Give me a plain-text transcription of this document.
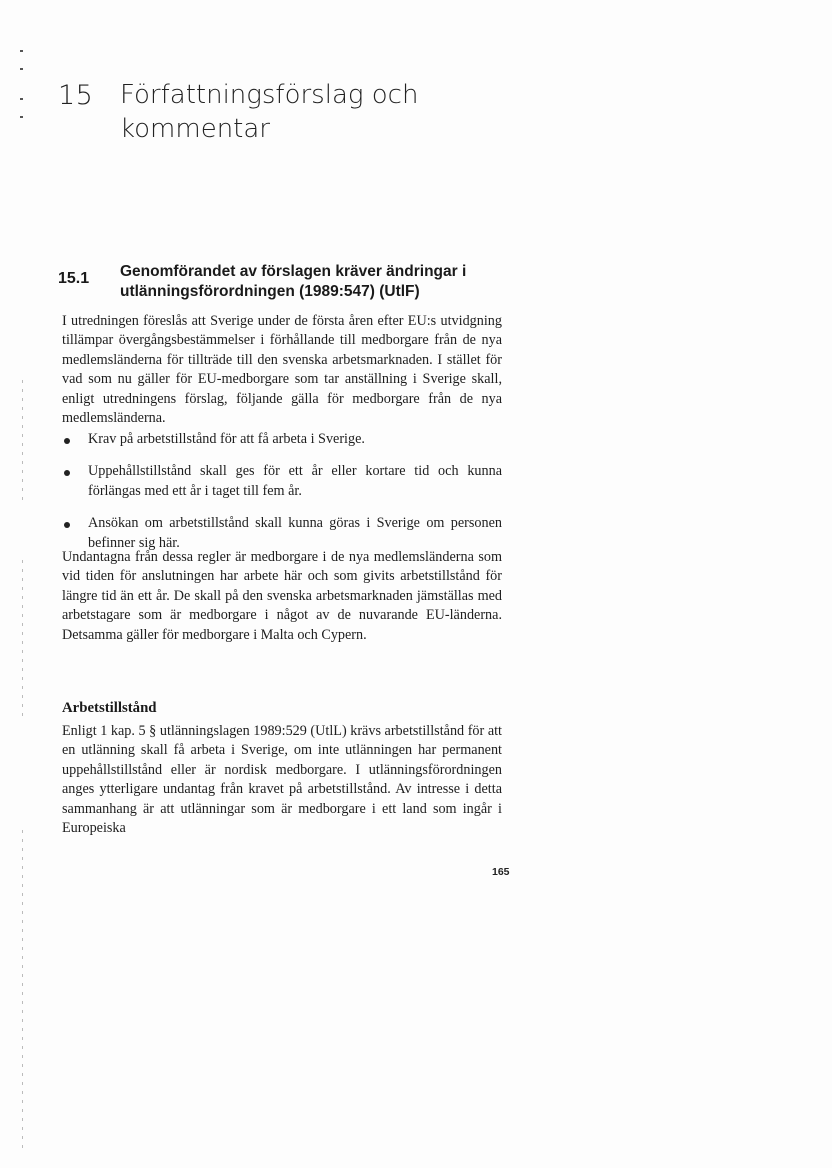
15 Författningsförslag och kommentar
15.1	Genomförandet av förslagen kräver ändringar i utlänningsförordningen (1989:547) (UtlF)

I utredningen föreslås att Sverige under de första åren efter EU:s utvidgning tillämpar övergångsbestämmelser i förhållande till medborgare från de nya medlemsländerna för tillträde till den svenska arbetsmarknaden. I stället för vad som nu gäller för EU-medborgare som tar anställning i Sverige skall, enligt utredningens förslag, följande gälla för medborgare från de nya medlemsländerna.

Krav på arbetstillstånd för att få arbeta i Sverige.
Uppehållstillstånd skall ges för ett år eller kortare tid och kunna förlängas med ett år i taget till fem år.
Ansökan om arbetstillstånd skall kunna göras i Sverige om personen befinner sig här.

Undantagna från dessa regler är medborgare i de nya medlemsländerna som vid tiden för anslutningen har arbete här och som givits arbetstillstånd för längre tid än ett år. De skall på den svenska arbetsmarknaden jämställas med arbetstagare som är medborgare i något av de nuvarande EU-länderna. Detsamma gäller för medborgare i Malta och Cypern.

Arbetstillstånd

Enligt 1 kap. 5 § utlänningslagen 1989:529 (UtlL) krävs arbetstillstånd för att en utlänning skall få arbeta i Sverige, om inte utlänningen har permanent uppehållstillstånd eller är nordisk medborgare. I utlänningsförordningen anges ytterligare undantag från kravet på arbetstillstånd. Av intresse i detta sammanhang är att utlänningar som är medborgare i ett land som ingår i Europeiska

165
